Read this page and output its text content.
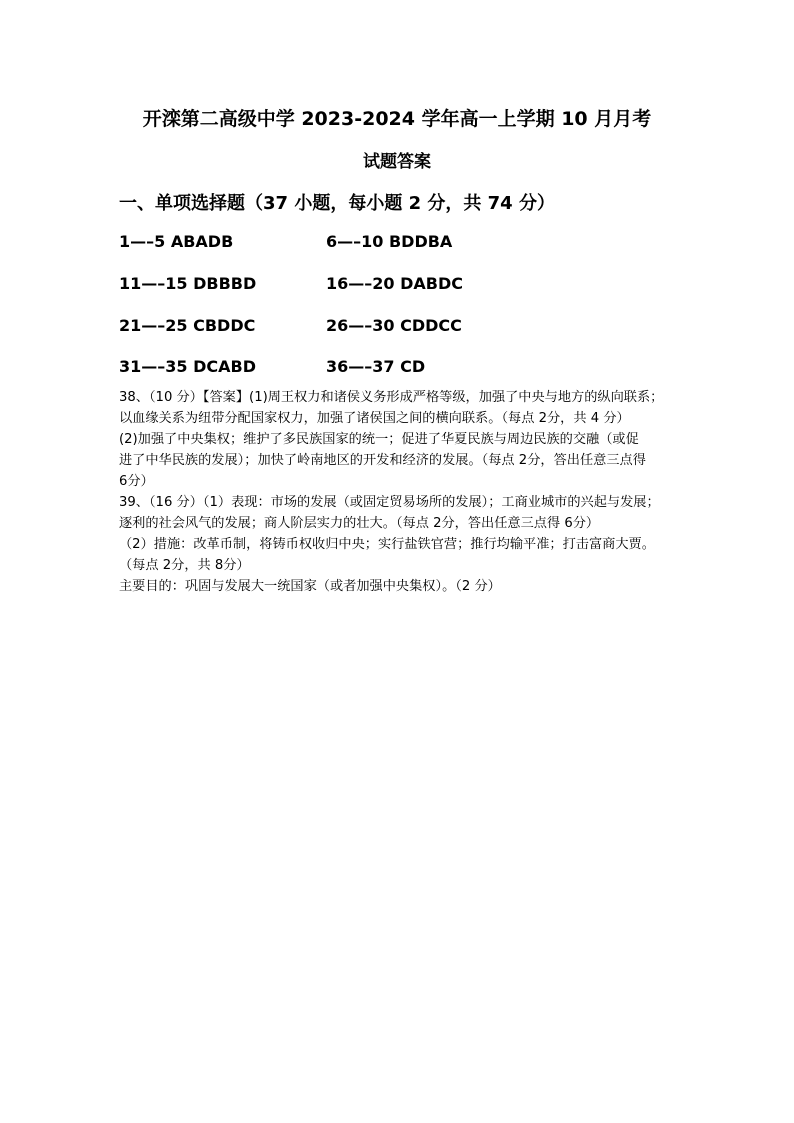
开滦第二高级中学 2023-2024 学年高一上学期 10 月月考
试题答案
一、单项选择题（37 小题，每小题 2 分，共 74 分）
1—–5 ABADB	6—–10 BDDBA
11—–15 DBBBD	16—–20 DABDC
21—–25 CBDDC	26—–30 CDDCC
31—–35 DCABD	36—–37 CD

38、（10 分）【答案】(1)周王权力和诸侯义务形成严格等级，加强了中央与地方的纵向联系；

以血缘关系为纽带分配国家权力，加强了诸侯国之间的横向联系。（每点 2分，共 4 分）

(2)加强了中央集权；维护了多民族国家的统一；促进了华夏民族与周边民族的交融（或促

进了中华民族的发展）；加快了岭南地区的开发和经济的发展。（每点 2分，答出任意三点得

6分）

39、（16 分）（1）表现：市场的发展（或固定贸易场所的发展）；工商业城市的兴起与发展；

逐利的社会风气的发展；商人阶层实力的壮大。（每点 2分，答出任意三点得 6分）

（2）措施：改革币制，将铸币权收归中央；实行盐铁官营；推行均输平准；打击富商大贾。

（每点 2分，共 8分）

主要目的：巩固与发展大一统国家（或者加强中央集权）。（2 分）
